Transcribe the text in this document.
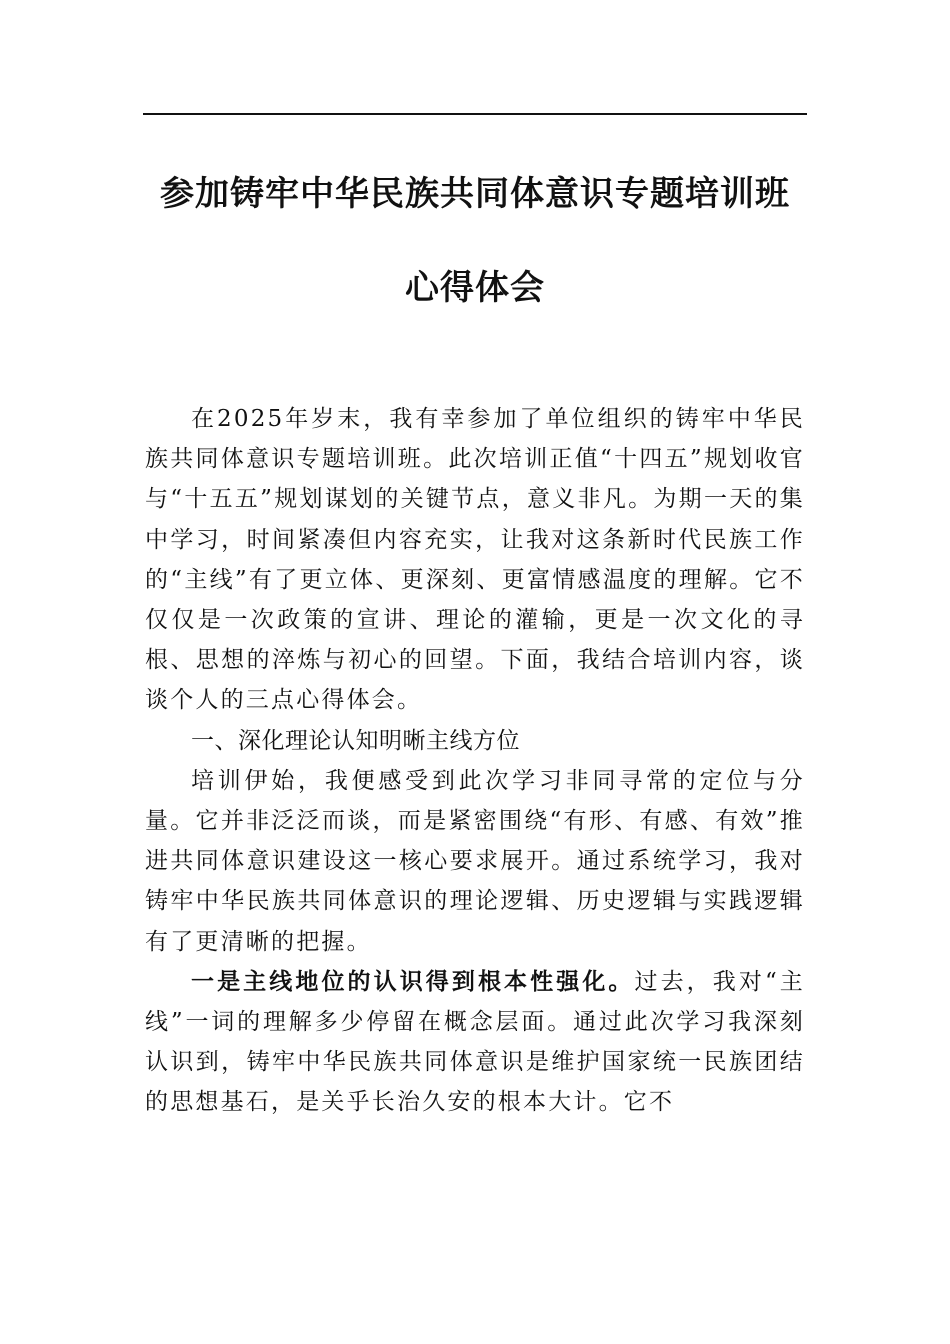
参加铸牢中华民族共同体意识专题培训班
心得体会

在2025年岁末，我有幸参加了单位组织的铸牢中华民族共同体意识专题培训班。此次培训正值“十四五”规划收官与“十五五”规划谋划的关键节点，意义非凡。为期一天的集中学习，时间紧凑但内容充实，让我对这条新时代民族工作的“主线”有了更立体、更深刻、更富情感温度的理解。它不仅仅是一次政策的宣讲、理论的灌输，更是一次文化的寻根、思想的淬炼与初心的回望。下面，我结合培训内容，谈谈个人的三点心得体会。

一、深化理论认知明晰主线方位

培训伊始，我便感受到此次学习非同寻常的定位与分量。它并非泛泛而谈，而是紧密围绕“有形、有感、有效”推进共同体意识建设这一核心要求展开。通过系统学习，我对铸牢中华民族共同体意识的理论逻辑、历史逻辑与实践逻辑有了更清晰的把握。

一是主线地位的认识得到根本性强化。过去，我对“主线”一词的理解多少停留在概念层面。通过此次学习我深刻认识到，铸牢中华民族共同体意识是维护国家统一民族团结的思想基石，是关乎长治久安的根本大计。它不
